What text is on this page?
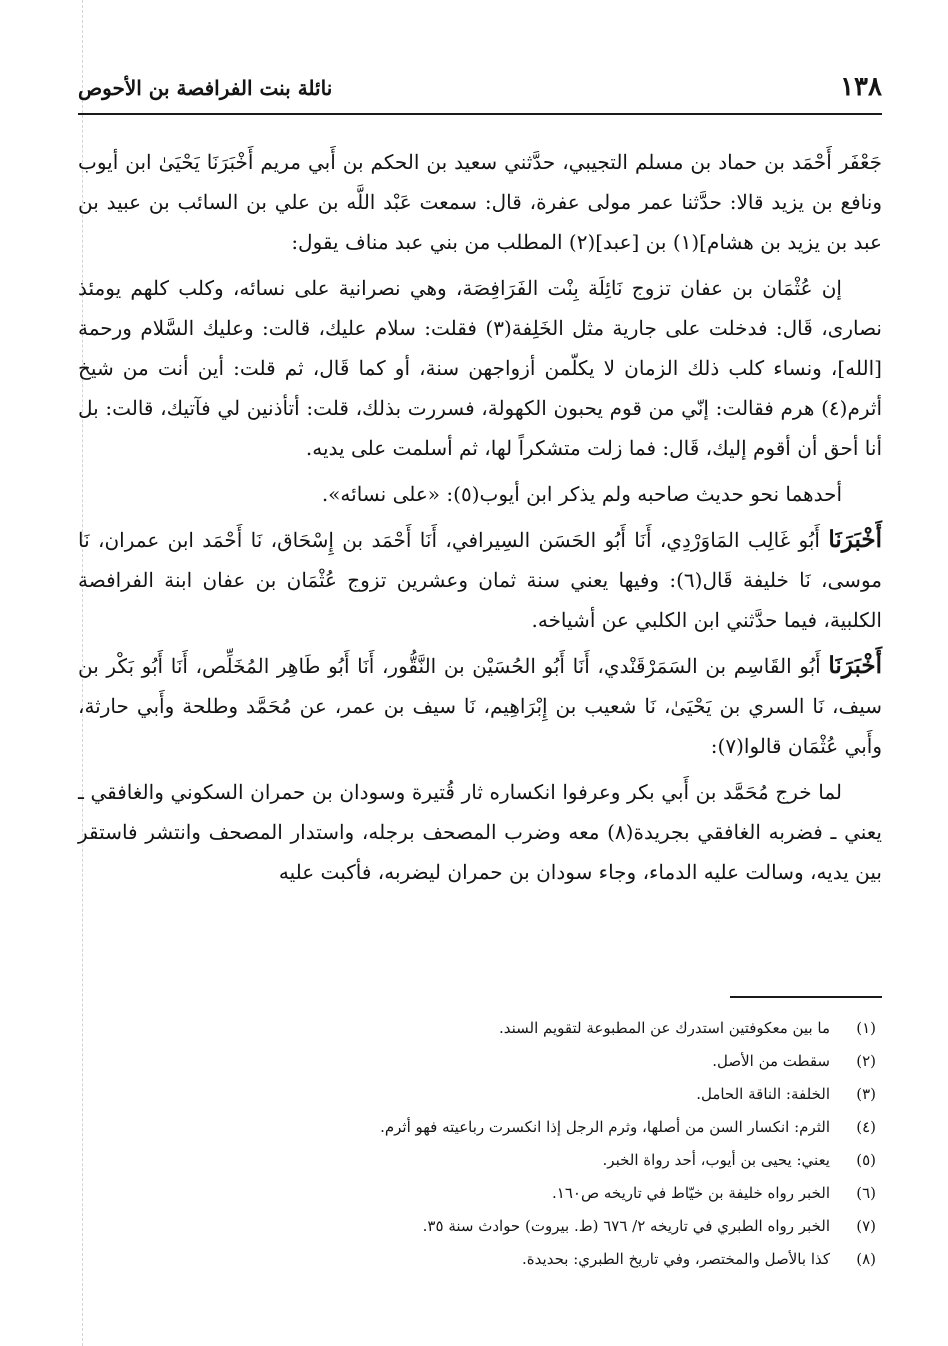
١٣٨
نائلة بنت الفرافصة بن الأحوص

جَعْفَر أَحْمَد بن حماد بن مسلم التجيبي، حدَّثني سعيد بن الحكم بن أَبي مريم أَخْبَرَنَا يَحْيَىٰ ابن أيوب ونافع بن يزيد قالا: حدَّثنا عمر مولى عفرة، قال: سمعت عَبْد اللَّه بن علي بن السائب بن عبيد بن عبد بن يزيد بن هشام](١) بن [عبد](٢) المطلب من بني عبد مناف يقول:

إن عُثْمَان بن عفان تزوج نَائِلَة بِنْت الفَرَافِصَة، وهي نصرانية على نسائه، وكلب كلهم يومئذ نصارى، قَال: فدخلت على جارية مثل الخَلِفة(٣) فقلت: سلام عليك، قالت: وعليك السَّلام ورحمة [الله]، ونساء كلب ذلك الزمان لا يكلّمن أزواجهن سنة، أو كما قَال، ثم قلت: أين أنت من شيخ أثرم(٤) هرم فقالت: إنّي من قوم يحبون الكهولة، فسررت بذلك، قلت: أتأذنين لي فآتيك، قالت: بل أنا أحق أن أقوم إليك، قَال: فما زلت متشكراً لها، ثم أسلمت على يديه.

أحدهما نحو حديث صاحبه ولم يذكر ابن أيوب(٥): «على نسائه».

أَخْبَرَنَا أَبُو غَالِب المَاوَرْدِي، أَنَا أَبُو الحَسَن السِيرافي، أَنَا أَحْمَد بن إِسْحَاق، نَا أَحْمَد ابن عمران، نَا موسى، نَا خليفة قَال(٦): وفيها يعني سنة ثمان وعشرين تزوج عُثْمَان بن عفان ابنة الفرافصة الكلبية، فيما حدَّثني ابن الكلبي عن أشياخه.

أَخْبَرَنَا أَبُو القَاسِم بن السَمَرْقَنْدي، أَنَا أَبُو الحُسَيْن بن النَّقُّور، أَنَا أَبُو طَاهِر المُخَلِّص، أَنَا أَبُو بَكْر بن سيف، نَا السري بن يَحْيَىٰ، نَا شعيب بن إِبْرَاهِيم، نَا سيف بن عمر، عن مُحَمَّد وطلحة وأَبي حارثة، وأَبي عُثْمَان قالوا(٧):

لما خرج مُحَمَّد بن أَبي بكر وعرفوا انكساره ثار قُتيرة وسودان بن حمران السكوني والغافقي ـ يعني ـ فضربه الغافقي بجريدة(٨) معه وضرب المصحف برجله، واستدار المصحف وانتشر فاستقر بين يديه، وسالت عليه الدماء، وجاء سودان بن حمران ليضربه، فأكبت عليه

(١)
ما بين معكوفتين استدرك عن المطبوعة لتقويم السند.
(٢)
سقطت من الأصل.
(٣)
الخلفة: الناقة الحامل.
(٤)
الثرم: انكسار السن من أصلها، وثرم الرجل إذا انكسرت رباعيته فهو أثرم.
(٥)
يعني: يحيى بن أيوب، أحد رواة الخبر.
(٦)
الخبر رواه خليفة بن خيّاط في تاريخه ص١٦٠.
(٧)
الخبر رواه الطبري في تاريخه ٢/ ٦٧٦ (ط. بيروت) حوادث سنة ٣٥.
(٨)
كذا بالأصل والمختصر، وفي تاريخ الطبري: بحديدة.
